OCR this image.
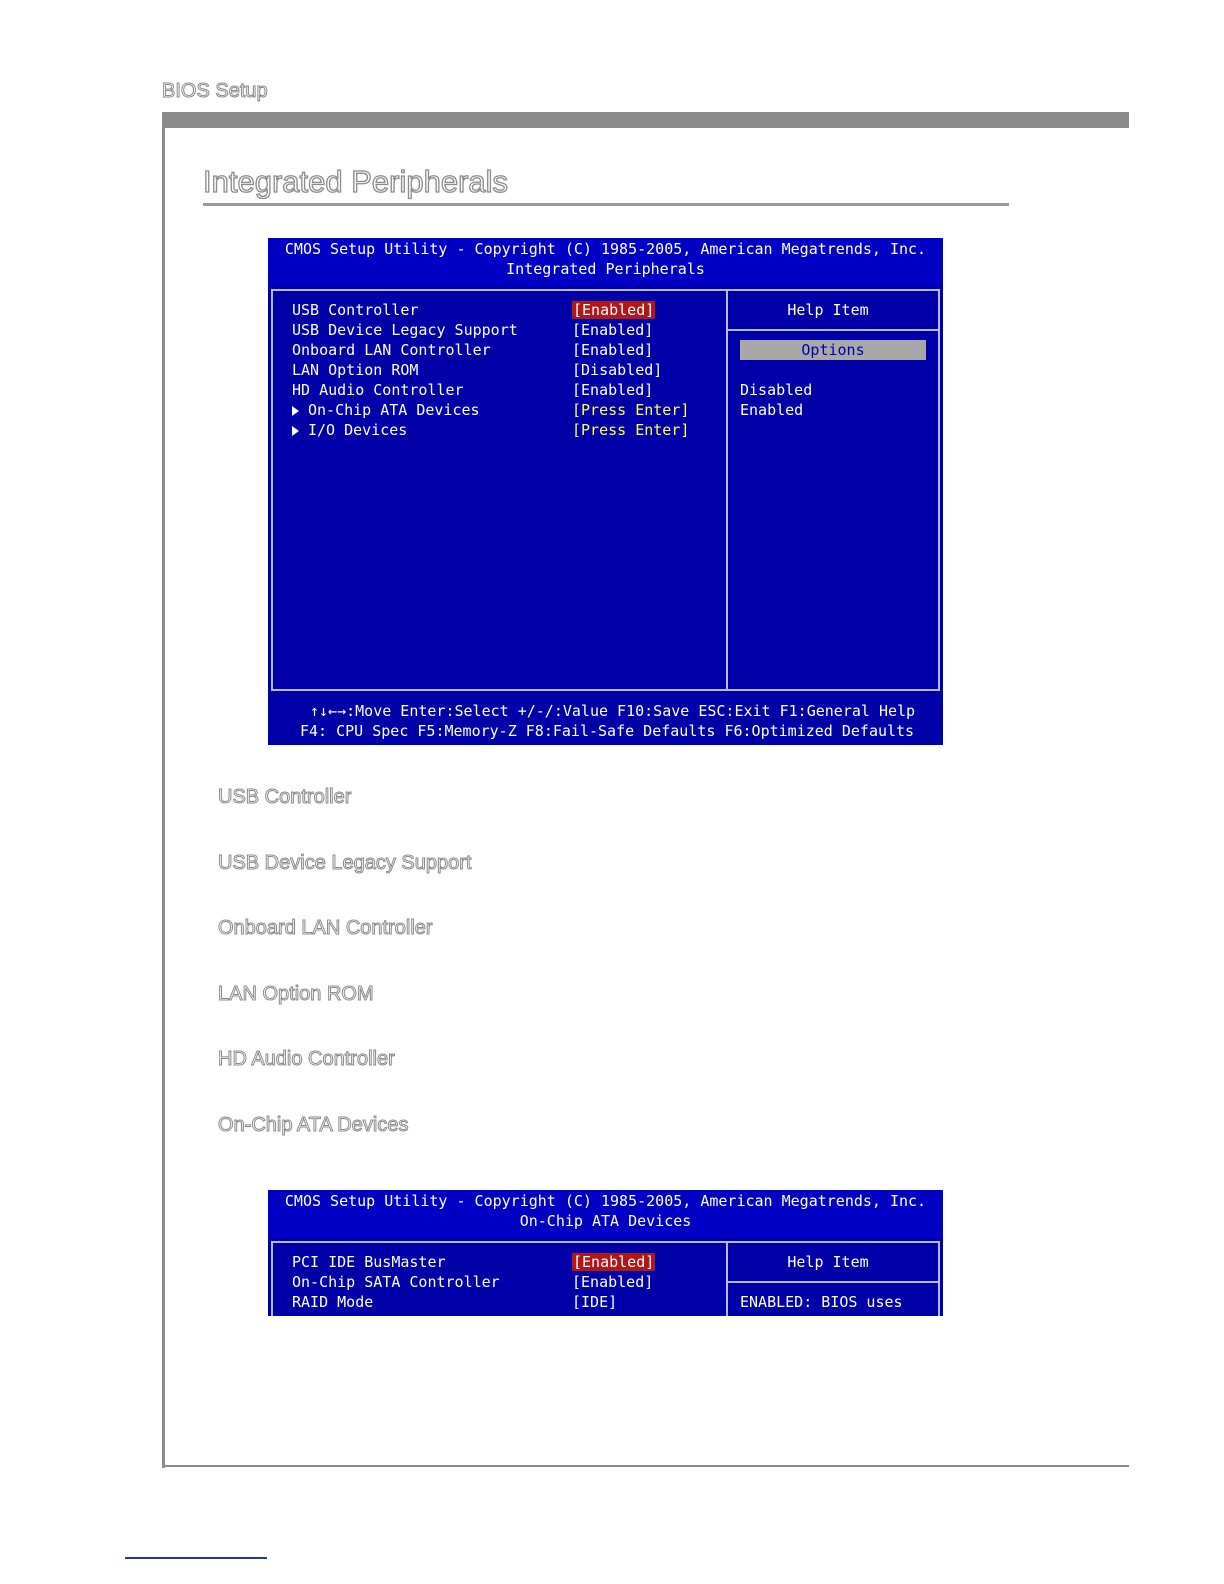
BIOS Setup
Integrated Peripherals
CMOS Setup Utility - Copyright (C) 1985-2005, American Megatrends, Inc.
Integrated Peripherals
USB Controller	[Enabled]
USB Device Legacy Support	[Enabled]
Onboard LAN Controller	[Enabled]
LAN Option ROM	[Disabled]
HD Audio Controller	[Enabled]
On-Chip ATA Devices	[Press Enter]
I/O Devices	[Press Enter]
Help Item
Options
Disabled
Enabled
↑↓←→:Move Enter:Select +/-/:Value F10:Save ESC:Exit F1:General Help
F4: CPU Spec F5:Memory-Z F8:Fail-Safe Defaults F6:Optimized Defaults
USB Controller
USB Device Legacy Support
Onboard LAN Controller
LAN Option ROM
HD Audio Controller
On-Chip ATA Devices
CMOS Setup Utility - Copyright (C) 1985-2005, American Megatrends, Inc.
On-Chip ATA Devices
PCI IDE BusMaster	[Enabled]
On-Chip SATA Controller	[Enabled]
RAID Mode	[IDE]
Help Item
ENABLED: BIOS uses
